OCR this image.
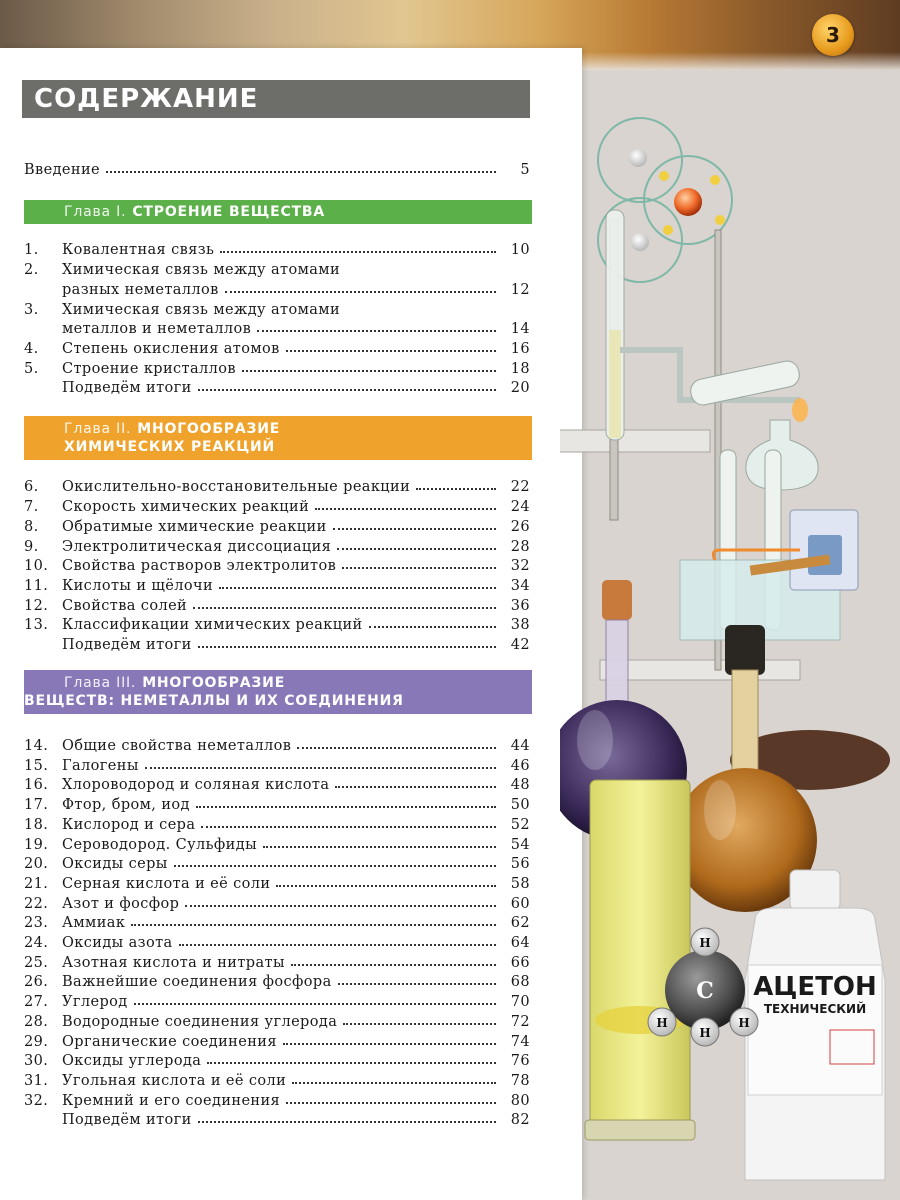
3
АЦЕТОН
ТЕХНИЧЕСКИЙ
C
H
H
H
H
СОДЕРЖАНИЕ
Введение	5
Глава I. СТРОЕНИЕ ВЕЩЕСТВА
1.	Ковалентная связь	10
2.	Химическая связь между атомами
разных неметаллов	12
3.	Химическая связь между атомами
металлов и неметаллов	14
4.	Степень окисления атомов	16
5.	Строение кристаллов	18
Подведём итоги	20
Глава II. МНОГООБРАЗИЕ
ХИМИЧЕСКИХ РЕАКЦИЙ
6.	Окислительно-восстановительные реакции	22
7.	Скорость химических реакций	24
8.	Обратимые химические реакции	26
9.	Электролитическая диссоциация	28
10. Свойства растворов электролитов	32
11. Кислоты и щёлочи	34
12. Свойства солей	36
13. Классификации химических реакций	38
Подведём итоги	42
Глава III. МНОГООБРАЗИЕ
ВЕЩЕСТВ: НЕМЕТАЛЛЫ И ИХ СОЕДИНЕНИЯ
14. Общие свойства неметаллов	44
15. Галогены	46
16. Хлороводород и соляная кислота	48
17. Фтор, бром, иод	50
18. Кислород и сера	52
19. Сероводород. Сульфиды	54
20. Оксиды серы	56
21. Серная кислота и её соли	58
22. Азот и фосфор	60
23. Аммиак	62
24. Оксиды азота	64
25. Азотная кислота и нитраты	66
26. Важнейшие соединения фосфора	68
27. Углерод	70
28. Водородные соединения углерода	72
29. Органические соединения	74
30. Оксиды углерода	76
31. Угольная кислота и её соли	78
32. Кремний и его соединения	80
Подведём итоги	82
